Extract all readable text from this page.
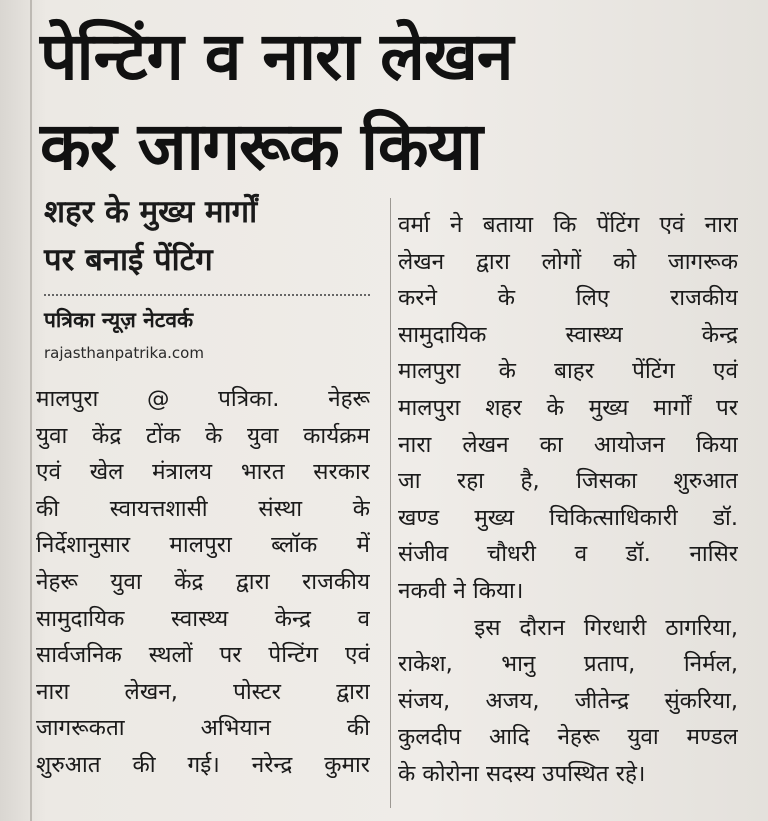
पेन्टिंग व नारा लेखन
कर जागरूक किया
शहर के मुख्य मार्गों
पर बनाई पेंटिंग
पत्रिका न्यूज़ नेटवर्क
rajasthanpatrika.com
मालपुरा @ पत्रिका. नेहरू
युवा केंद्र टोंक के युवा कार्यक्रम
एवं खेल मंत्रालय भारत सरकार
की स्वायत्तशासी संस्था के
निर्देशानुसार मालपुरा ब्लॉक में
नेहरू युवा केंद्र द्वारा राजकीय
सामुदायिक स्वास्थ्य केन्द्र व
सार्वजनिक स्थलों पर पेन्टिंग एवं
नारा लेखन, पोस्टर द्वारा
जागरूकता अभियान की
शुरुआत की गई। नरेन्द्र कुमार
वर्मा ने बताया कि पेंटिंग एवं नारा
लेखन द्वारा लोगों को जागरूक
करने के लिए राजकीय
सामुदायिक स्वास्थ्य केन्द्र
मालपुरा के बाहर पेंटिंग एवं
मालपुरा शहर के मुख्य मार्गों पर
नारा लेखन का आयोजन किया
जा रहा है, जिसका शुरुआत
खण्ड मुख्य चिकित्साधिकारी डॉ.
संजीव चौधरी व डॉ. नासिर
नकवी ने किया।
इस दौरान गिरधारी ठागरिया,
राकेश, भानु प्रताप, निर्मल,
संजय, अजय, जीतेन्द्र सुंकरिया,
कुलदीप आदि नेहरू युवा मण्डल
के कोरोना सदस्य उपस्थित रहे।
